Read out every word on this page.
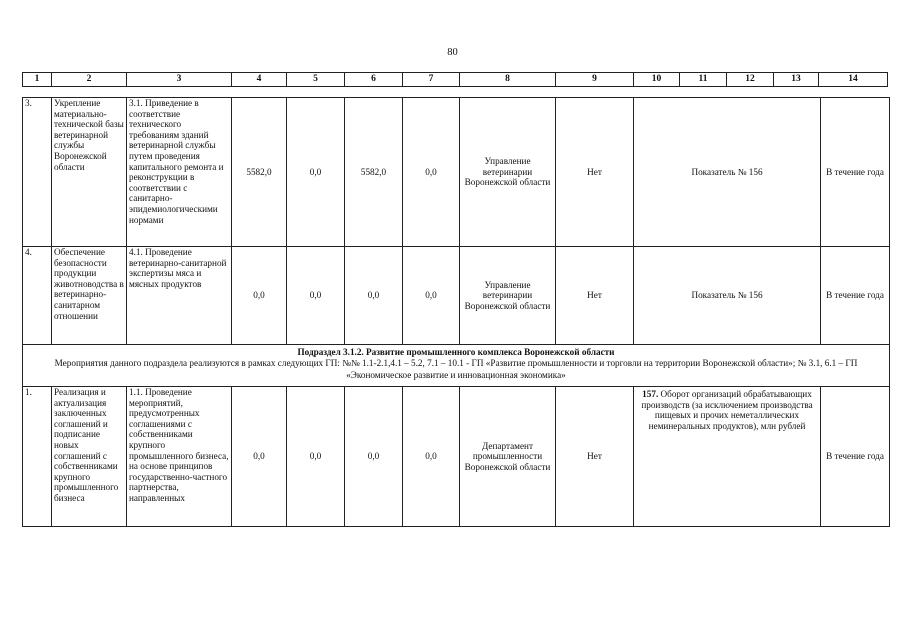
80
1	2	3	4	5	6	7	8	9	10	11	12	13	14
3.	Укрепление материально-технической базы ветеринарной службы Воронежской области	3.1. Приведение в соответствие технического требованиям зданий ветеринарной службы путем проведения капитального ремонта и реконструкции в соответствии с санитарно-эпидемиологическими нормами	5582,0	0,0	5582,0	0,0	Управление ветеринарии Воронежской области	Нет	Показатель № 156	В течение года
4.	Обеспечение безопасности продукции животноводства в ветеринарно-санитарном отношении	4.1. Проведение ветеринарно-санитарной экспертизы мяса и мясных продуктов	0,0	0,0	0,0	0,0	Управление ветеринарии Воронежской области	Нет	Показатель № 156	В течение года

Подраздел 3.1.2. Развитие промышленного комплекса Воронежской области
Мероприятия данного подраздела реализуются в рамках следующих ГП: №№ 1.1-2.1,4.1 – 5.2, 7.1 – 10.1 - ГП «Развитие промышленности и торговли на территории Воронежской области»; № 3.1, 6.1 – ГП «Экономическое развитие и инновационная экономика»										

1.	Реализация и актуализация заключенных соглашений и подписание новых соглашений с собственниками крупного промышленного бизнеса	1.1. Проведение мероприятий, предусмотренных соглашениями с собственниками крупного промышленного бизнеса, на основе принципов государственно-частного партнерства, направленных	0,0	0,0	0,0	0,0	Департамент промышленности Воронежской области	Нет	157. Оборот организаций обрабатывающих производств (за исключением производства пищевых и прочих неметаллических неминеральных продуктов), млн рублей	В течение года
